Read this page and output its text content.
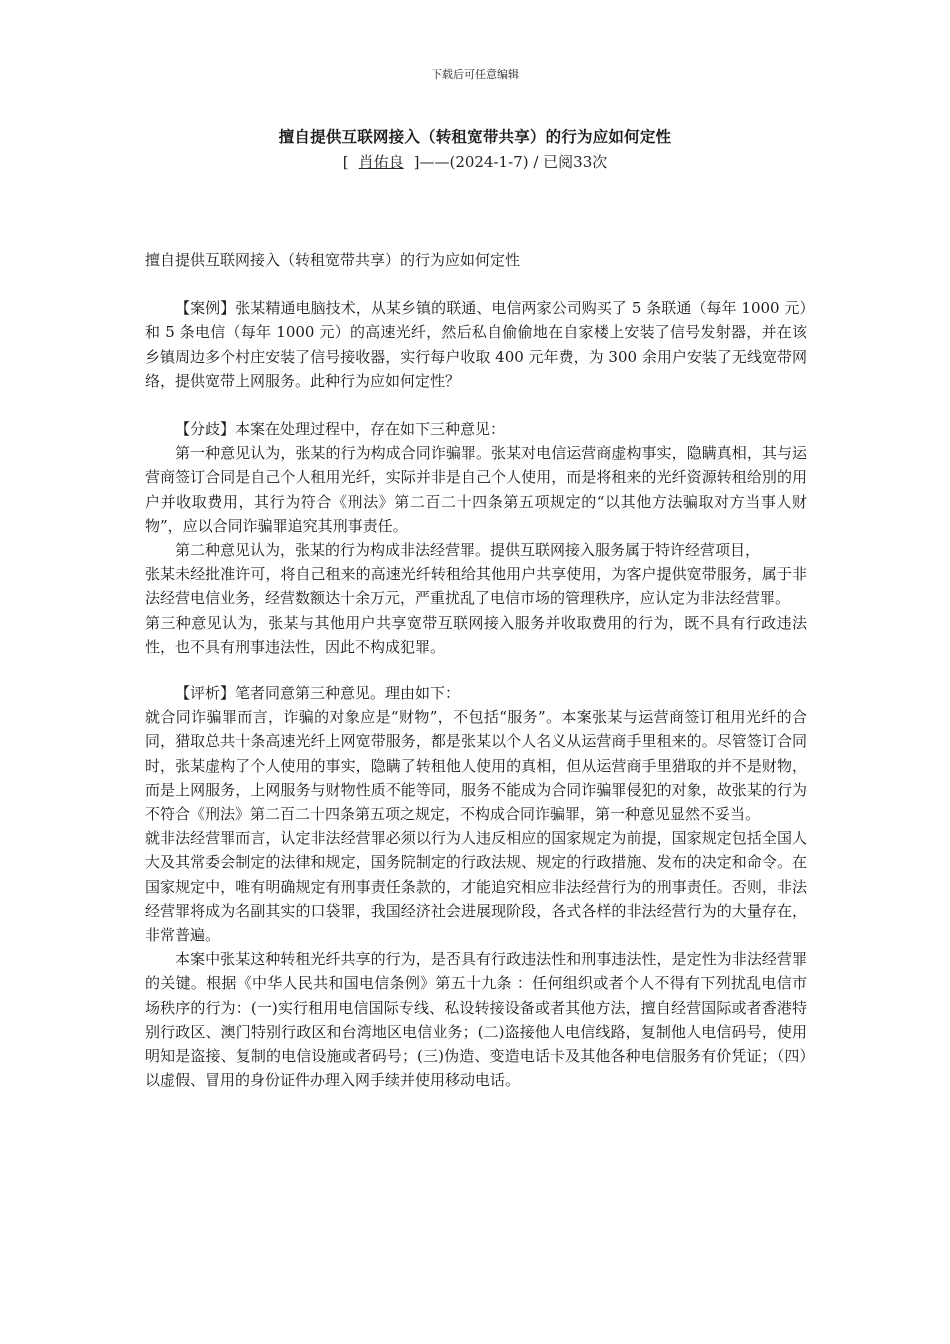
下载后可任意编辑
擅自提供互联网接入（转租宽带共享）的行为应如何定性
[ 肖佑良 ]——(2024-1-7) / 已阅33次

擅自提供互联网接入（转租宽带共享）的行为应如何定性

【案例】张某精通电脑技术，从某乡镇的联通、电信两家公司购买了 5 条联通（每年 1000 元）和 5 条电信（每年 1000 元）的高速光纤，然后私自偷偷地在自家楼上安装了信号发射器，并在该乡镇周边多个村庄安装了信号接收器，实行每户收取 400 元年费，为 300 余用户安装了无线宽带网络，提供宽带上网服务。此种行为应如何定性？

【分歧】本案在处理过程中，存在如下三种意见：

第一种意见认为，张某的行为构成合同诈骗罪。张某对电信运营商虚构事实，隐瞒真相，其与运营商签订合同是自己个人租用光纤，实际并非是自己个人使用，而是将租来的光纤资源转租给別的用户并收取费用，其行为符合《刑法》第二百二十四条第五项规定的“以其他方法骗取对方当事人财物”，应以合同诈骗罪追究其刑事责任。

第二种意见认为，张某的行为构成非法经营罪。提供互联网接入服务属于特许经营项目，

张某未经批准许可，将自己租来的高速光纤转租给其他用户共享使用，为客户提供宽带服务，属于非法经营电信业务，经营数额达十余万元，严重扰乱了电信市场的管理秩序，应认定为非法经营罪。

第三种意见认为，张某与其他用户共享宽带互联网接入服务并收取费用的行为，既不具有行政违法性，也不具有刑事违法性，因此不构成犯罪。

【评析】笔者同意第三种意见。理由如下：

就合同诈骗罪而言，诈骗的对象应是“财物”，不包括“服务”。本案张某与运营商签订租用光纤的合同，猎取总共十条高速光纤上网宽带服务，都是张某以个人名义从运营商手里租来的。尽管签订合同时，张某虚构了个人使用的事实，隐瞒了转租他人使用的真相，但从运营商手里猎取的并不是财物，而是上网服务，上网服务与财物性质不能等同，服务不能成为合同诈骗罪侵犯的对象，故张某的行为不符合《刑法》第二百二十四条第五项之规定，不构成合同诈骗罪，第一种意见显然不妥当。

就非法经营罪而言，认定非法经营罪必须以行为人违反相应的国家规定为前提，国家规定包括全国人大及其常委会制定的法律和规定，国务院制定的行政法规、规定的行政措施、发布的决定和命令。在国家规定中，唯有明确规定有刑事责任条款的，才能追究相应非法经营行为的刑事责任。否则，非法经营罪将成为名副其实的口袋罪，我国经济社会进展现阶段，各式各样的非法经营行为的大量存在，非常普遍。

本案中张某这种转租光纤共享的行为，是否具有行政违法性和刑事违法性，是定性为非法经营罪的关键。根据《中华人民共和国电信条例》第五十九条 ：任何组织或者个人不得有下列扰乱电信市场秩序的行为：(一)实行租用电信国际专线、私设转接设备或者其他方法，擅自经营国际或者香港特别行政区、澳门特别行政区和台湾地区电信业务；(二)盗接他人电信线路，复制他人电信码号，使用明知是盗接、复制的电信设施或者码号；(三)伪造、变造电话卡及其他各种电信服务有价凭证；（四）以虚假、冒用的身份证件办理入网手续并使用移动电话。
